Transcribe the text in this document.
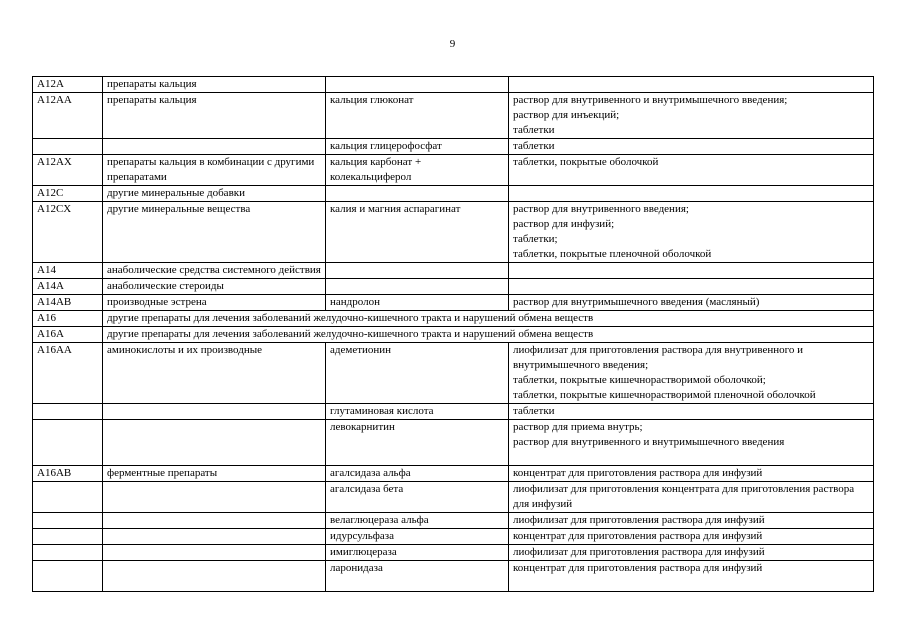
9
A12A	препараты кальция		
A12AA	препараты кальция	кальция глюконат	раствор для внутривенного и внутримышечного введения;
раствор для инъекций;
таблетки

		кальция глицерофосфат	таблетки

A12AX	препараты кальция в комбинации с другими препаратами	кальция карбонат + колекальциферол	таблетки, покрытые оболочкой

A12C	другие минеральные добавки		
A12CX	другие минеральные вещества	калия и магния аспарагинат	раствор для внутривенного введения;
раствор для инфузий;
таблетки;
таблетки, покрытые пленочной оболочкой

A14	анаболические средства системного действия		
A14A	анаболические стероиды		
A14AB	производные эстрена	нандролон	раствор для внутримышечного введения (масляный)

A16	другие препараты для лечения заболеваний желудочно-кишечного тракта и нарушений обмена веществ		
A16A	другие препараты для лечения заболеваний желудочно-кишечного тракта и нарушений обмена веществ		
A16AA	аминокислоты и их производные	адеметионин	лиофилизат для приготовления раствора для внутривенного и внутримышечного введения;
таблетки, покрытые кишечнорастворимой оболочкой;
таблетки, покрытые кишечнорастворимой пленочной оболочкой

		глутаминовая кислота	таблетки

		левокарнитин	раствор для приема внутрь;
раствор для внутривенного и внутримышечного введения

A16AB	ферментные препараты	агалсидаза альфа	концентрат для приготовления раствора для инфузий

		агалсидаза бета	лиофилизат для приготовления концентрата для приготовления раствора для инфузий

		велаглюцераза альфа	лиофилизат для приготовления раствора для инфузий

		идурсульфаза	концентрат для приготовления раствора для инфузий

		имиглюцераза	лиофилизат для приготовления раствора для инфузий

		ларонидаза	концентрат для приготовления раствора для инфузий
